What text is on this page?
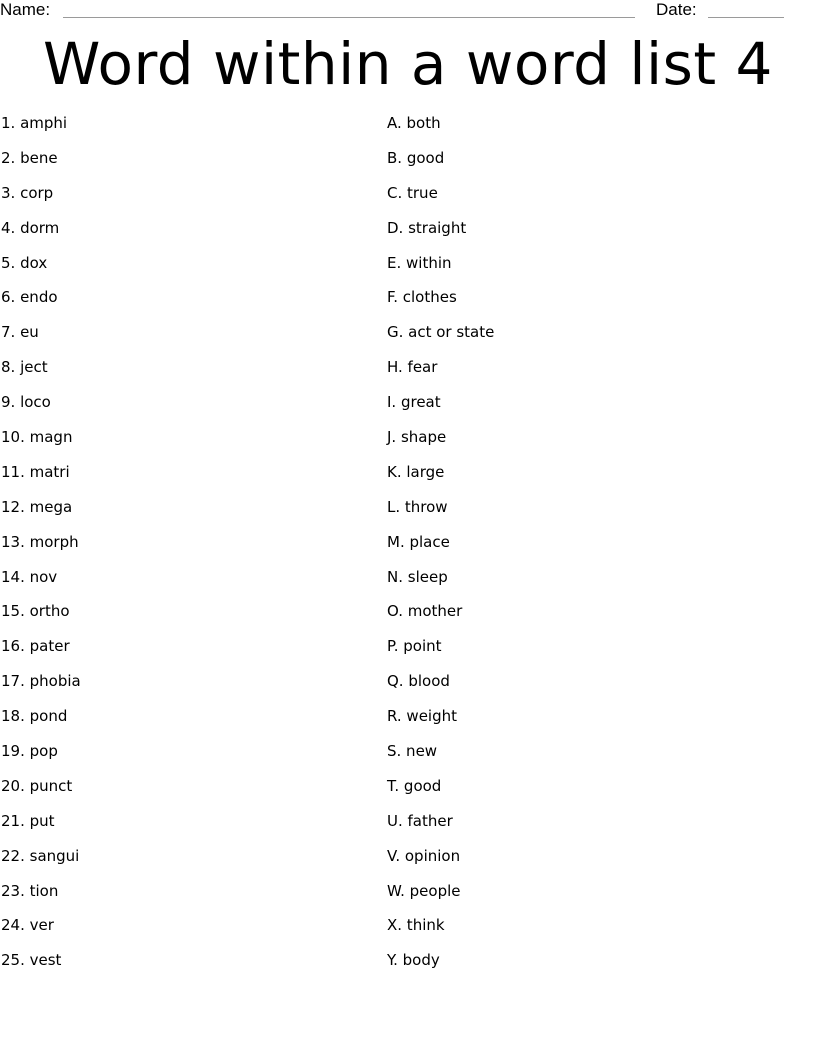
Name:	Date:
Word within a word list 4
1. amphi
2. bene
3. corp
4. dorm
5. dox
6. endo
7. eu
8. ject
9. loco
10. magn
11. matri
12. mega
13. morph
14. nov
15. ortho
16. pater
17. phobia
18. pond
19. pop
20. punct
21. put
22. sangui
23. tion
24. ver
25. vest
A. both
B. good
C. true
D. straight
E. within
F. clothes
G. act or state
H. fear
I. great
J. shape
K. large
L. throw
M. place
N. sleep
O. mother
P. point
Q. blood
R. weight
S. new
T. good
U. father
V. opinion
W. people
X. think
Y. body
